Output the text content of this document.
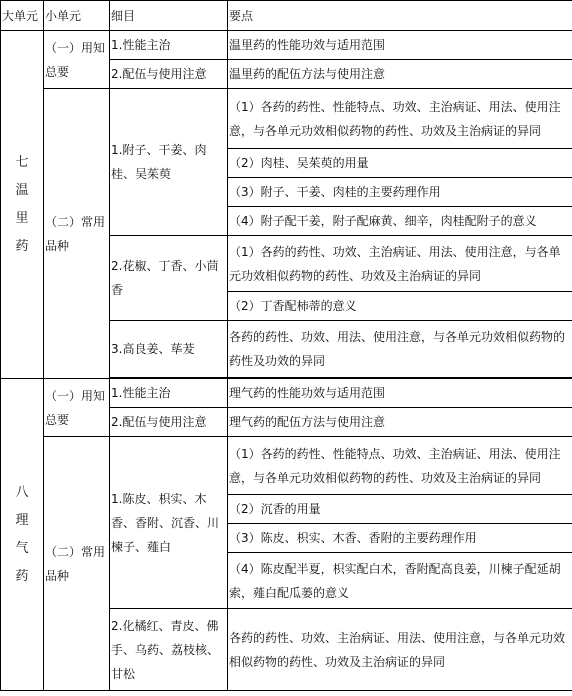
大单元	小单元	细目	要点
七
温
里
药	（一）用知总要	1.性能主治	温里药的性能功效与适用范围
		2.配伍与使用注意	温里药的配伍方法与使用注意
	（二）常用品种	1.附子、干姜、肉桂、吴茱萸	（1）各药的药性、性能特点、功效、主治病证、用法、使用注意，与各单元功效相似药物的药性、功效及主治病证的异同
			（2）肉桂、吴茱萸的用量
			（3）附子、干姜、肉桂的主要药理作用
			（4）附子配干姜，附子配麻黄、细辛，肉桂配附子的意义
		2.花椒、丁香、小茴香	（1）各药的药性、功效、主治病证、用法、使用注意，与各单元功效相似药物的药性、功效及主治病证的异同
			（2）丁香配柿蒂的意义
		3.高良姜、荜茇	各药的药性、功效、用法、使用注意，与各单元功效相似药物的药性及功效的异同

八
理
气
药	（一）用知总要	1.性能主治	理气药的性能功效与适用范围
		2.配伍与使用注意	理气药的配伍方法与使用注意
	（二）常用品种	1.陈皮、枳实、木香、香附、沉香、川楝子、薤白	（1）各药的药性、性能特点、功效、主治病证、用法、使用注意，与各单元功效相似药物的药性、功效及主治病证的异同
			（2）沉香的用量
			（3）陈皮、枳实、木香、香附的主要药理作用
			（4）陈皮配半夏，枳实配白术，香附配高良姜，川楝子配延胡索，薤白配瓜蒌的意义
		2.化橘红、青皮、佛手、乌药、荔枝核、甘松	各药的药性、功效、主治病证、用法、使用注意，与各单元功效相似药物的药性、功效及主治病证的异同
